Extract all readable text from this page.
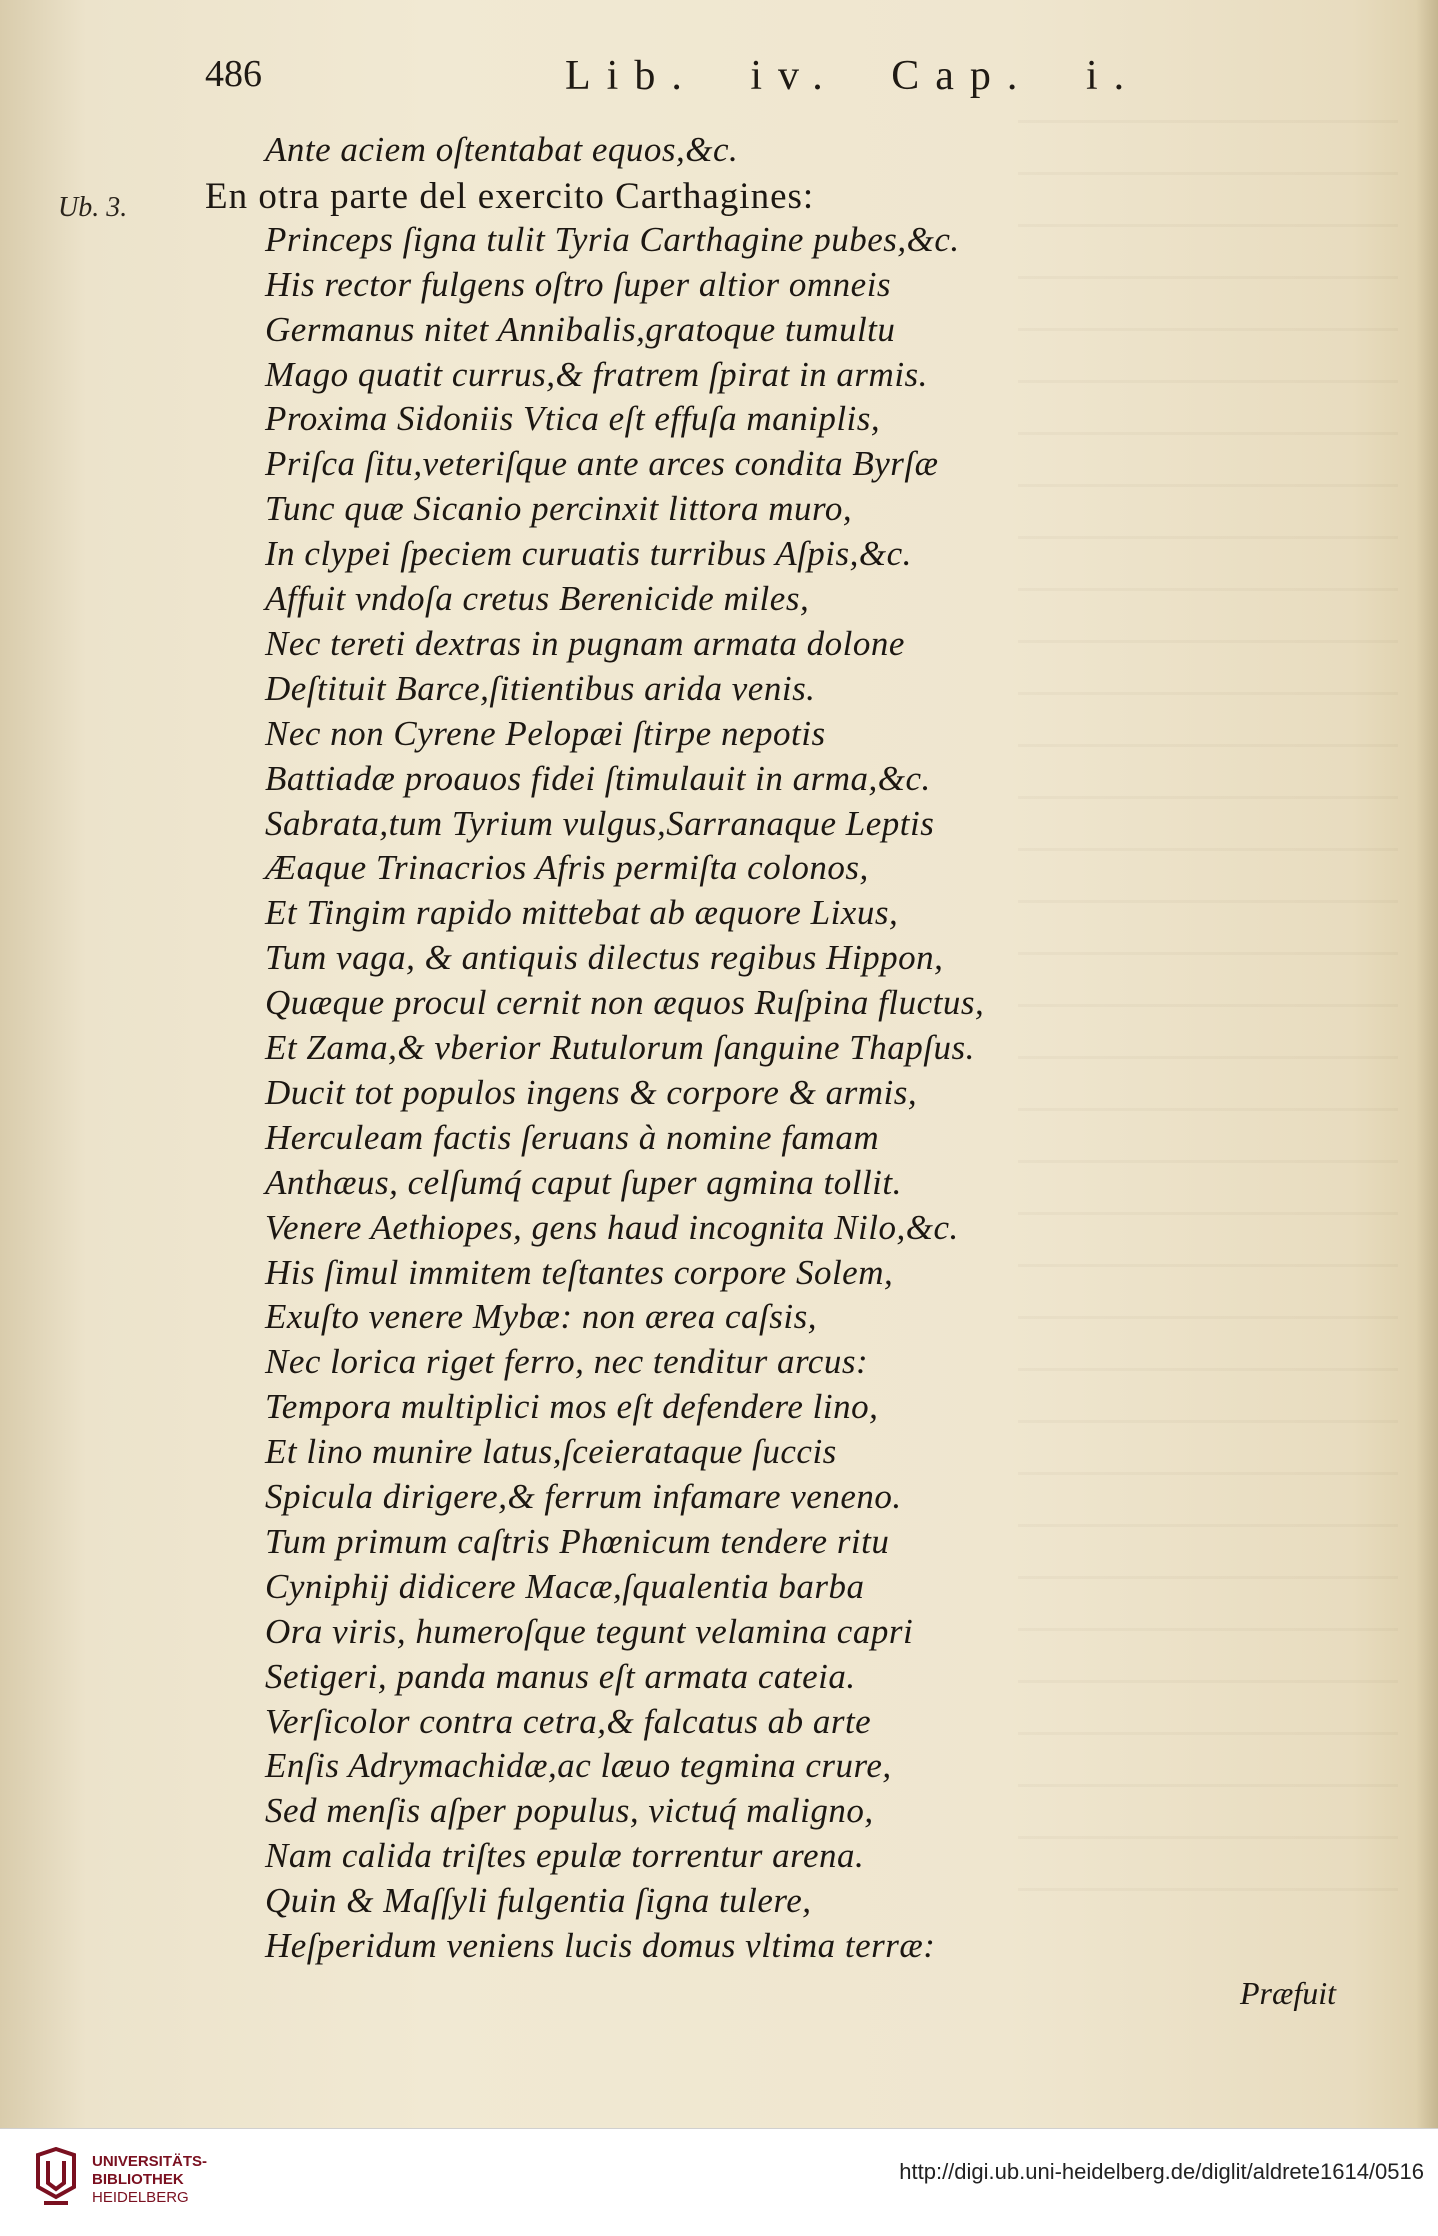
486	Lib. iv. Cap. i.
Ub. 3.
Ante aciem oſtentabat equos,&c.
En otra parte del exercito Carthagines:
Princeps ſigna tulit Tyria Carthagine pubes,&c.
His rector fulgens oſtro ſuper altior omneis
Germanus nitet Annibalis,gratoque tumultu
Mago quatit currus,& fratrem ſpirat in armis.
Proxima Sidoniis Vtica eſt effuſa maniplis,
Priſca ſitu,veteriſque ante arces condita Byrſæ
Tunc quæ Sicanio percinxit littora muro,
In clypei ſpeciem curuatis turribus Aſpis,&c.
Affuit vndoſa cretus Berenicide miles,
Nec tereti dextras in pugnam armata dolone
Deſtituit Barce,ſitientibus arida venis.
Nec non Cyrene Pelopæi ſtirpe nepotis
Battiadæ proauos fidei ſtimulauit in arma,&c.
Sabrata,tum Tyrium vulgus,Sarranaque Leptis
Æaque Trinacrios Afris permiſta colonos,
Et Tingim rapido mittebat ab æquore Lixus,
Tum vaga, & antiquis dilectus regibus Hippon,
Quæque procul cernit non æquos Ruſpina fluctus,
Et Zama,& vberior Rutulorum ſanguine Thapſus.
Ducit tot populos ingens & corpore & armis,
Herculeam factis ſeruans à nomine famam
Anthæus, celſumq́ caput ſuper agmina tollit.
Venere Aethiopes, gens haud incognita Nilo,&c.
His ſimul immitem teſtantes corpore Solem,
Exuſto venere Mybæ: non ærea caſsis,
Nec lorica riget ferro, nec tenditur arcus:
Tempora multiplici mos eſt defendere lino,
Et lino munire latus,ſceierataque ſuccis
Spicula dirigere,& ferrum infamare veneno.
Tum primum caſtris Phœnicum tendere ritu
Cyniphij didicere Macæ,ſqualentia barba
Ora viris, humeroſque tegunt velamina capri
Setigeri, panda manus eſt armata cateia.
Verſicolor contra cetra,& falcatus ab arte
Enſis Adrymachidæ,ac læuo tegmina crure,
Sed menſis aſper populus, victuq́ malignο,
Nam calida triſtes epulæ torrentur arena.
Quin & Maſſyli fulgentia ſigna tulere,
Heſperidum veniens lucis domus vltima terræ:
Præfuit
UNIVERSITÄTS-
BIBLIOTHEK
HEIDELBERG
http://digi.ub.uni-heidelberg.de/diglit/aldrete1614/0516
